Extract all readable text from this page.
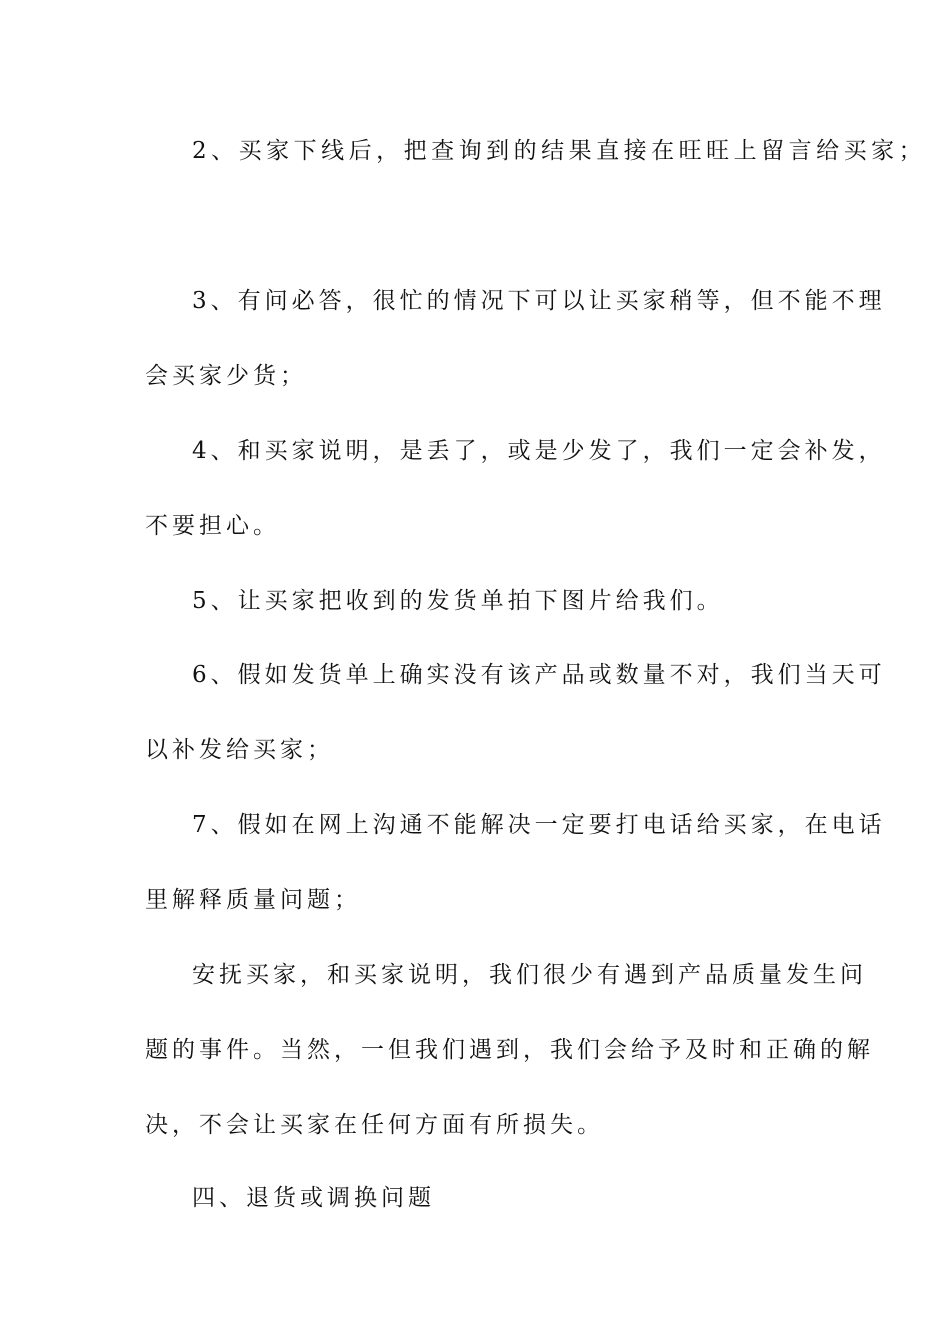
2、买家下线后，把查询到的结果直接在旺旺上留言给买家；
3、有问必答，很忙的情况下可以让买家稍等，但不能不理
会买家少货；
4、和买家说明，是丢了，或是少发了，我们一定会补发，
不要担心。
5、让买家把收到的发货单拍下图片给我们。
6、假如发货单上确实没有该产品或数量不对，我们当天可
以补发给买家；
7、假如在网上沟通不能解决一定要打电话给买家，在电话
里解释质量问题；
安抚买家，和买家说明，我们很少有遇到产品质量发生问
题的事件。当然，一但我们遇到，我们会给予及时和正确的解
决，不会让买家在任何方面有所损失。
四、退货或调换问题
